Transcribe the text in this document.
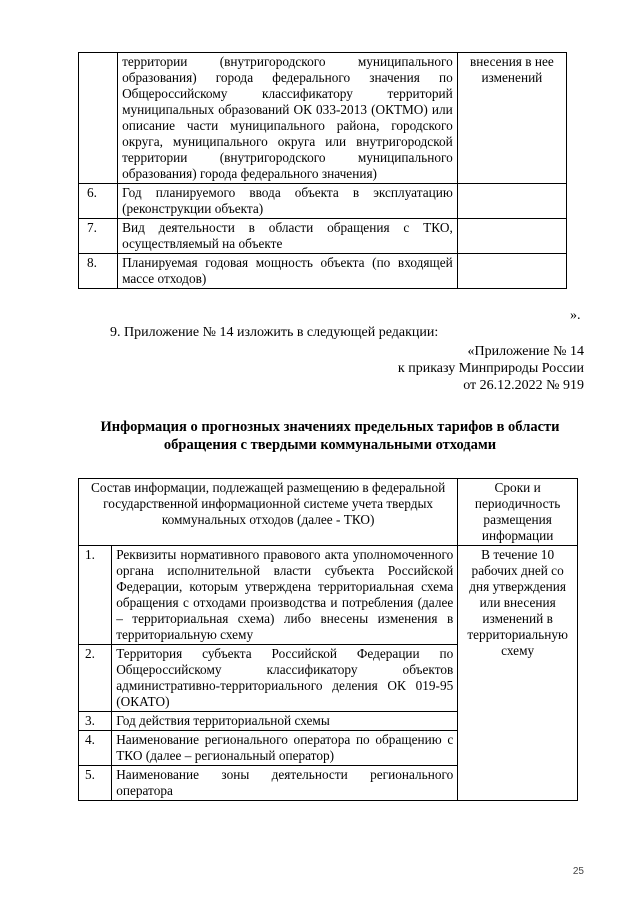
	территории (внутригородского муниципального образования) города федерального значения по Общероссийскому классификатору территорий муниципальных образований ОК 033-2013 (ОКТМО) или описание части муниципального района, городского округа, муниципального округа или внутригородской территории (внутригородского муниципального образования) города федерального значения)	внесения в нее изменений
6.	Год планируемого ввода объекта в эксплуатацию (реконструкции объекта)	
7.	Вид деятельности в области обращения с ТКО, осуществляемый на объекте	
8.	Планируемая годовая мощность объекта (по входящей массе отходов)	
».
9. Приложение № 14 изложить в следующей редакции:
«Приложение № 14
к приказу Минприроды России
от 26.12.2022 № 919
Информация о прогнозных значениях предельных тарифов в области обращения с твердыми коммунальными отходами
Состав информации, подлежащей размещению в федеральной государственной информационной системе учета твердых коммунальных отходов (далее - ТКО)		Сроки и периодичность размещения информации
1.	Реквизиты нормативного правового акта уполномоченного органа исполнительной власти субъекта Российской Федерации, которым утверждена территориальная схема обращения с отходами производства и потребления (далее – территориальная схема) либо внесены изменения в территориальную схему	В течение 10 рабочих дней со дня утверждения или внесения изменений в территориальную схему
2.	Территория субъекта Российской Федерации по Общероссийскому классификатору объектов административно-территориального деления ОК 019-95 (ОКАТО)	
3.	Год действия территориальной схемы	
4.	Наименование регионального оператора по обращению с ТКО (далее – региональный оператор)	
5.	Наименование зоны деятельности регионального оператора	
25
